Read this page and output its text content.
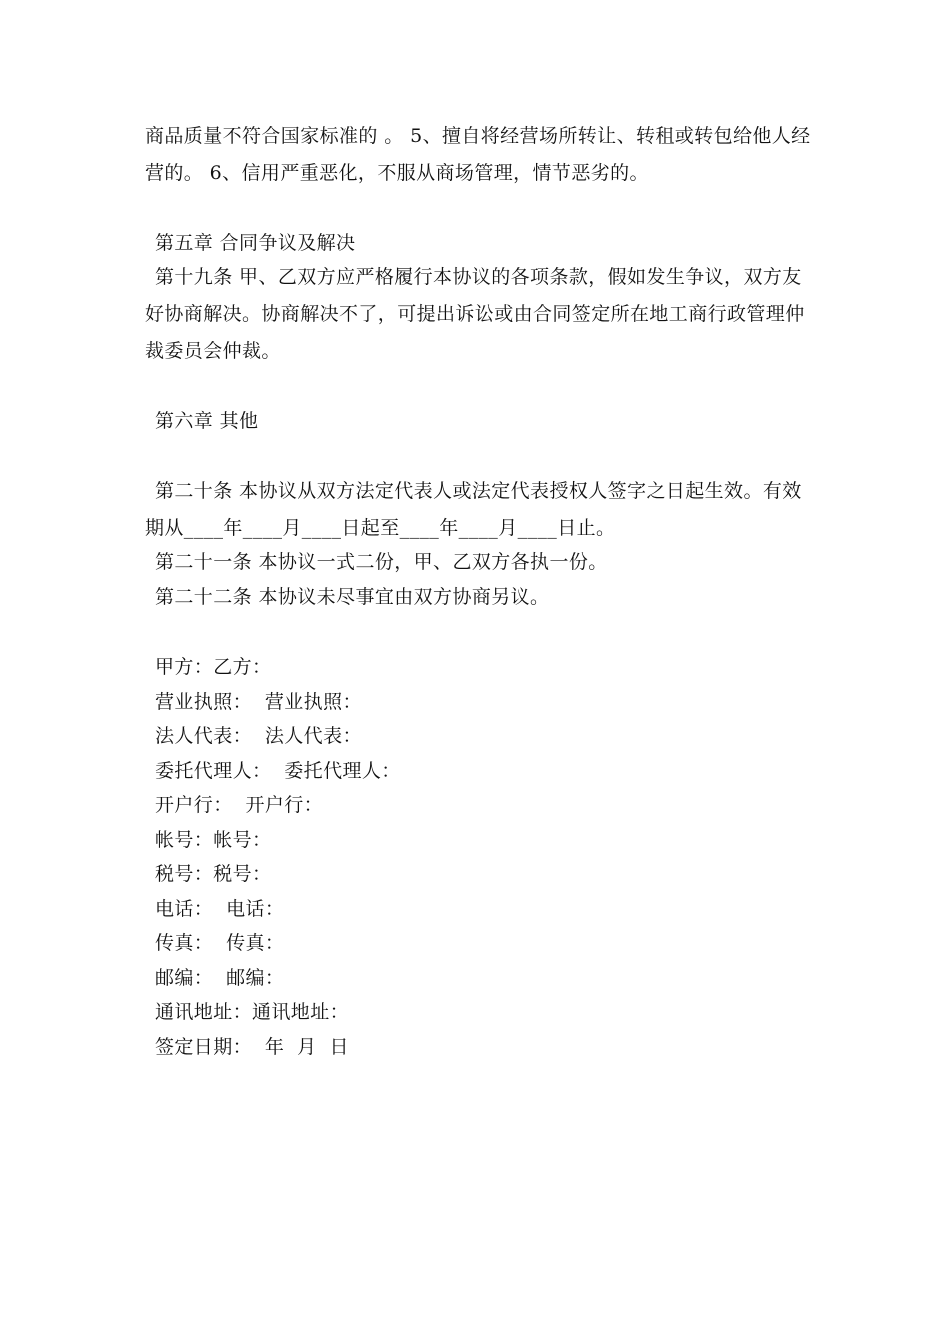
商品质量不符合国家标准的 。 5、擅自将经营场所转让、转租或转包给他人经
营的。 6、信用严重恶化，不服从商场管理，情节恶劣的。
第五章 合同争议及解决
第十九条 甲、乙双方应严格履行本协议的各项条款，假如发生争议，双方友
好协商解决。协商解决不了，可提出诉讼或由合同签定所在地工商行政管理仲
裁委员会仲裁。
第六章 其他
第二十条 本协议从双方法定代表人或法定代表授权人签字之日起生效。有效
期从____年____月____日起至____年____月____日止。
第二十一条 本协议一式二份，甲、乙双方各执一份。
第二十二条 本协议未尽事宜由双方协商另议。
甲方：乙方：
营业执照：  营业执照：
法人代表：  法人代表：
委托代理人：  委托代理人：
开户行：  开户行：
帐号：帐号：
税号：税号：
电话：  电话：
传真：  传真：
邮编：  邮编：
通讯地址：通讯地址：
签定日期：  年  月  日
